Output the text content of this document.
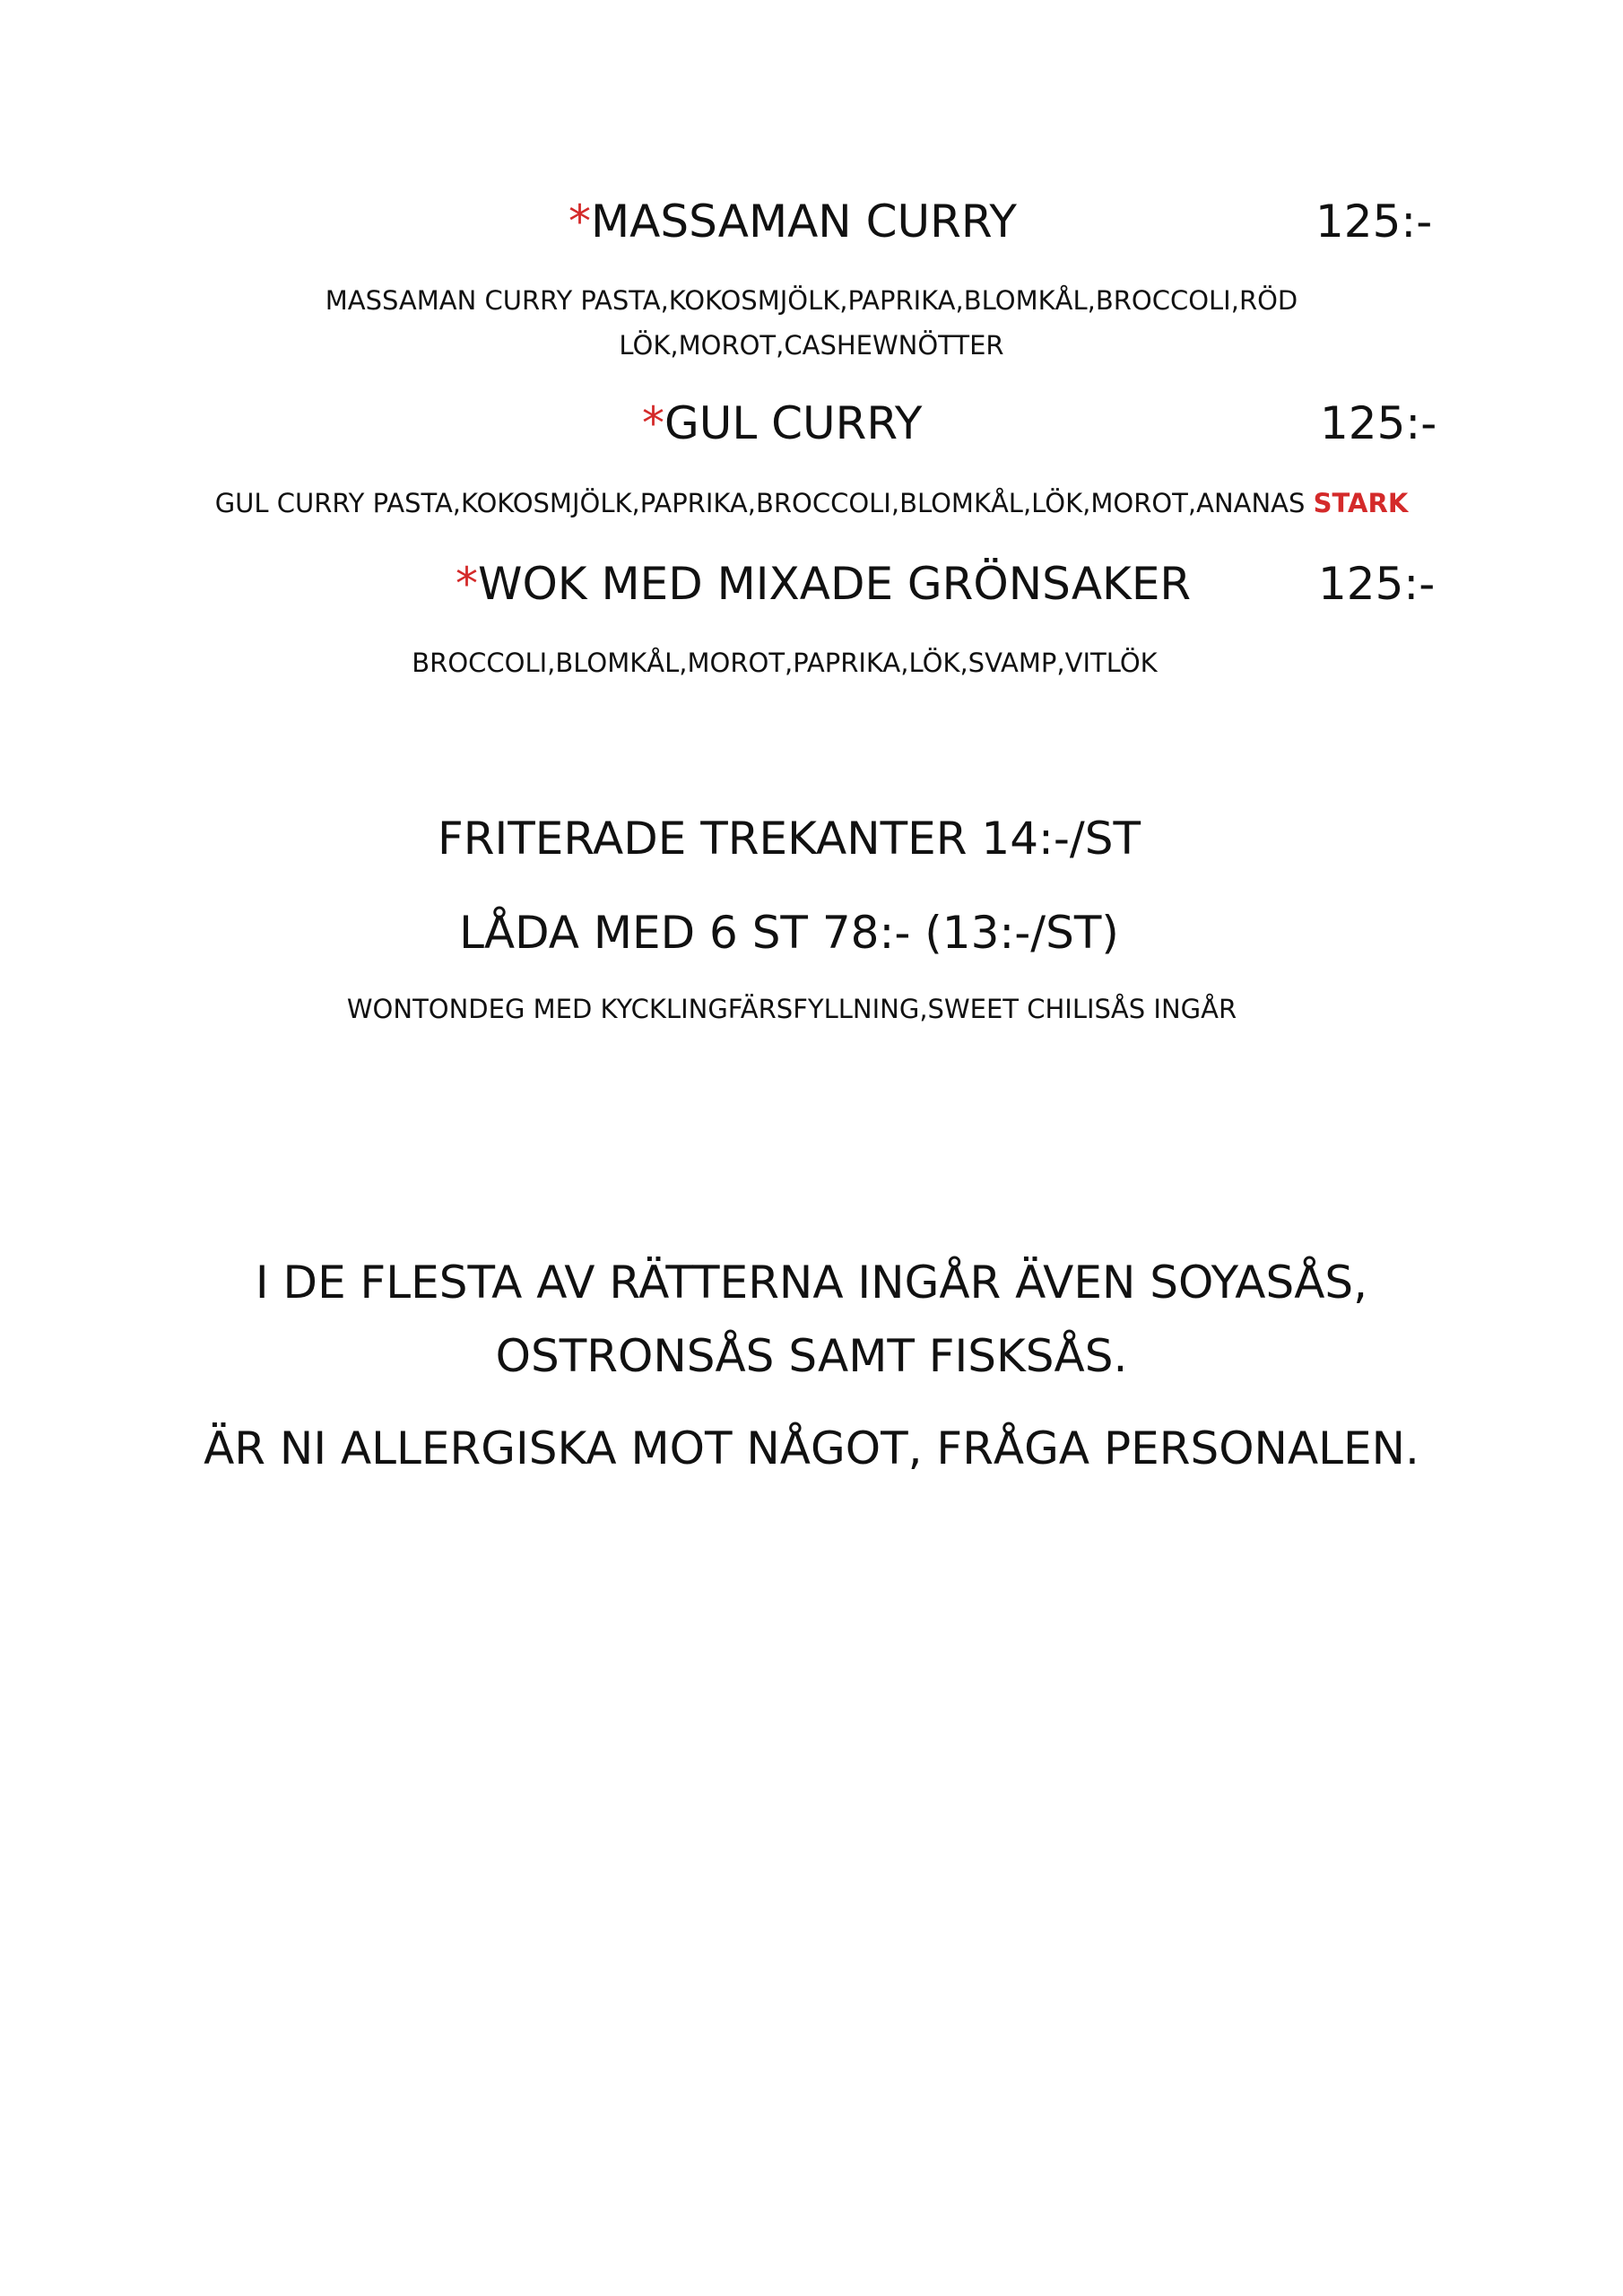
*MASSAMAN CURRY	125:-
MASSAMAN CURRY PASTA,KOKOSMJÖLK,PAPRIKA,BLOMKÅL,BROCCOLI,RÖD
LÖK,MOROT,CASHEWNÖTTER
*GUL CURRY	125:-
GUL CURRY PASTA,KOKOSMJÖLK,PAPRIKA,BROCCOLI,BLOMKÅL,LÖK,MOROT,ANANAS STARK
*WOK MED MIXADE GRÖNSAKER	125:-
BROCCOLI,BLOMKÅL,MOROT,PAPRIKA,LÖK,SVAMP,VITLÖK
FRITERADE TREKANTER 14:-/ST
LÅDA MED 6 ST 78:- (13:-/ST)
WONTONDEG MED KYCKLINGFÄRSFYLLNING,SWEET CHILISÅS INGÅR
I DE FLESTA AV RÄTTERNA INGÅR ÄVEN SOYASÅS,
OSTRONSÅS SAMT FISKSÅS.
ÄR NI ALLERGISKA MOT NÅGOT, FRÅGA PERSONALEN.
